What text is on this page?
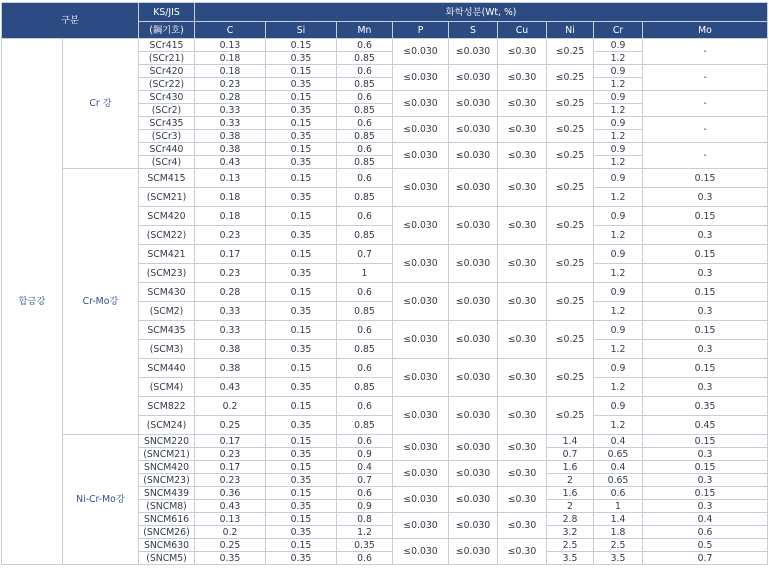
구분		KS/JIS	화학성분(Wt, %)	
		(鋼기호)	C	Si	Mn	P	S	Cu	Ni	Cr	Mo	
합금강	Cr 강	SCr415	0.13	0.15	0.6	≤0.030	≤0.030	≤0.30	≤0.25	0.9	-	
		(SCr21)	0.18	0.35	0.85					1.2		
		SCr420	0.18	0.15	0.6	≤0.030	≤0.030	≤0.30	≤0.25	0.9	-	
		(SCr22)	0.23	0.35	0.85					1.2		
		SCr430	0.28	0.15	0.6	≤0.030	≤0.030	≤0.30	≤0.25	0.9	-	
		(SCr2)	0.33	0.35	0.85					1.2		
		SCr435	0.33	0.15	0.6	≤0.030	≤0.030	≤0.30	≤0.25	0.9	-	
		(SCr3)	0.38	0.35	0.85					1.2		
		SCr440	0.38	0.15	0.6	≤0.030	≤0.030	≤0.30	≤0.25	0.9	-	
		(SCr4)	0.43	0.35	0.85					1.2		
	Cr-Mo강	SCM415	0.13	0.15	0.6	≤0.030	≤0.030	≤0.30	≤0.25	0.9	0.15	
		(SCM21)	0.18	0.35	0.85					1.2	0.3	
		SCM420	0.18	0.15	0.6	≤0.030	≤0.030	≤0.30	≤0.25	0.9	0.15	
		(SCM22)	0.23	0.35	0.85					1.2	0.3	
		SCM421	0.17	0.15	0.7	≤0.030	≤0.030	≤0.30	≤0.25	0.9	0.15	
		(SCM23)	0.23	0.35	1					1.2	0.3	
		SCM430	0.28	0.15	0.6	≤0.030	≤0.030	≤0.30	≤0.25	0.9	0.15	
		(SCM2)	0.33	0.35	0.85					1.2	0.3	
		SCM435	0.33	0.15	0.6	≤0.030	≤0.030	≤0.30	≤0.25	0.9	0.15	
		(SCM3)	0.38	0.35	0.85					1.2	0.3	
		SCM440	0.38	0.15	0.6	≤0.030	≤0.030	≤0.30	≤0.25	0.9	0.15	
		(SCM4)	0.43	0.35	0.85					1.2	0.3	
		SCM822	0.2	0.15	0.6	≤0.030	≤0.030	≤0.30	≤0.25	0.9	0.35	
		(SCM24)	0.25	0.35	0.85					1.2	0.45	
	Ni-Cr-Mo강	SNCM220	0.17	0.15	0.6	≤0.030	≤0.030	≤0.30	1.4	0.4	0.15	
		(SNCM21)	0.23	0.35	0.9				0.7	0.65	0.3	
		SNCM420	0.17	0.15	0.4	≤0.030	≤0.030	≤0.30	1.6	0.4	0.15	
		(SNCM23)	0.23	0.35	0.7				2	0.65	0.3	
		SNCM439	0.36	0.15	0.6	≤0.030	≤0.030	≤0.30	1.6	0.6	0.15	
		(SNCM8)	0.43	0.35	0.9				2	1	0.3	
		SNCM616	0.13	0.15	0.8	≤0.030	≤0.030	≤0.30	2.8	1.4	0.4	
		(SNCM26)	0.2	0.35	1.2				3.2	1.8	0.6	
		SNCM630	0.25	0.15	0.35	≤0.030	≤0.030	≤0.30	2.5	2.5	0.5	
		(SNCM5)	0.35	0.35	0.6				3.5	3.5	0.7	
